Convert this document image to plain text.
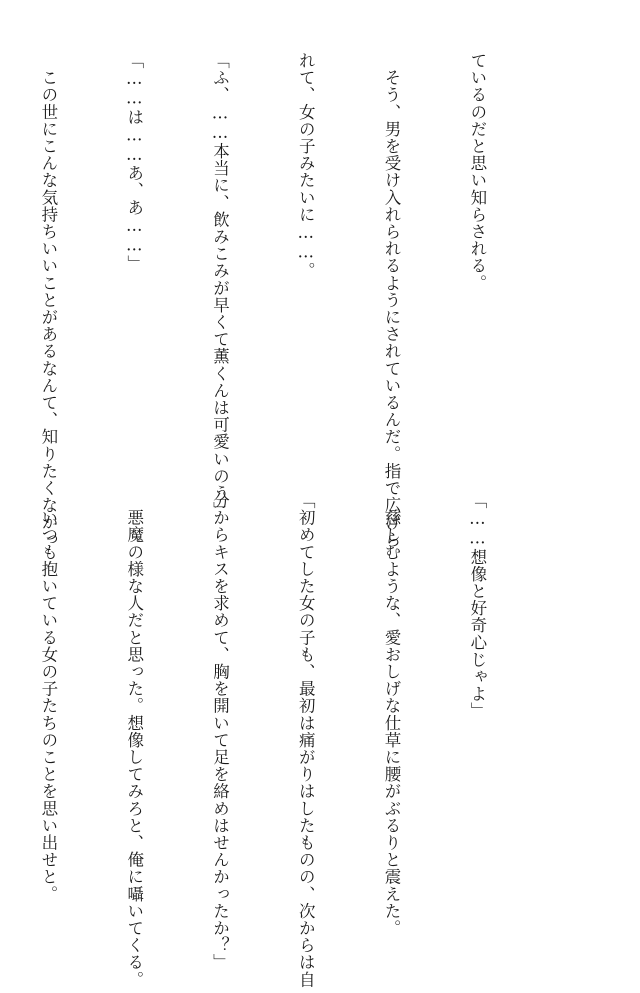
ているのだと思い知らされる。

　そう、男を受け入れられるようにされているんだ。指で広げら

れて、女の子みたいに……。

「ふ、……本当に、飲みこみが早くて薫くんは可愛いのう」

「……は……あ、あ……」

　この世にこんな気持ちいいことがあるなんて、知りたくなかっ

「……想像と好奇心じゃよ」

　慈しむような、愛おしげな仕草に腰がぶるりと震えた。

「初めてした女の子も、最初は痛がりはしたものの、次からは自

分からキスを求めて、胸を開いて足を絡めはせんかったか？」

　悪魔の様な人だと思った。想像してみろと、俺に囁いてくる。

　いつも抱いている女の子たちのことを思い出せと。
